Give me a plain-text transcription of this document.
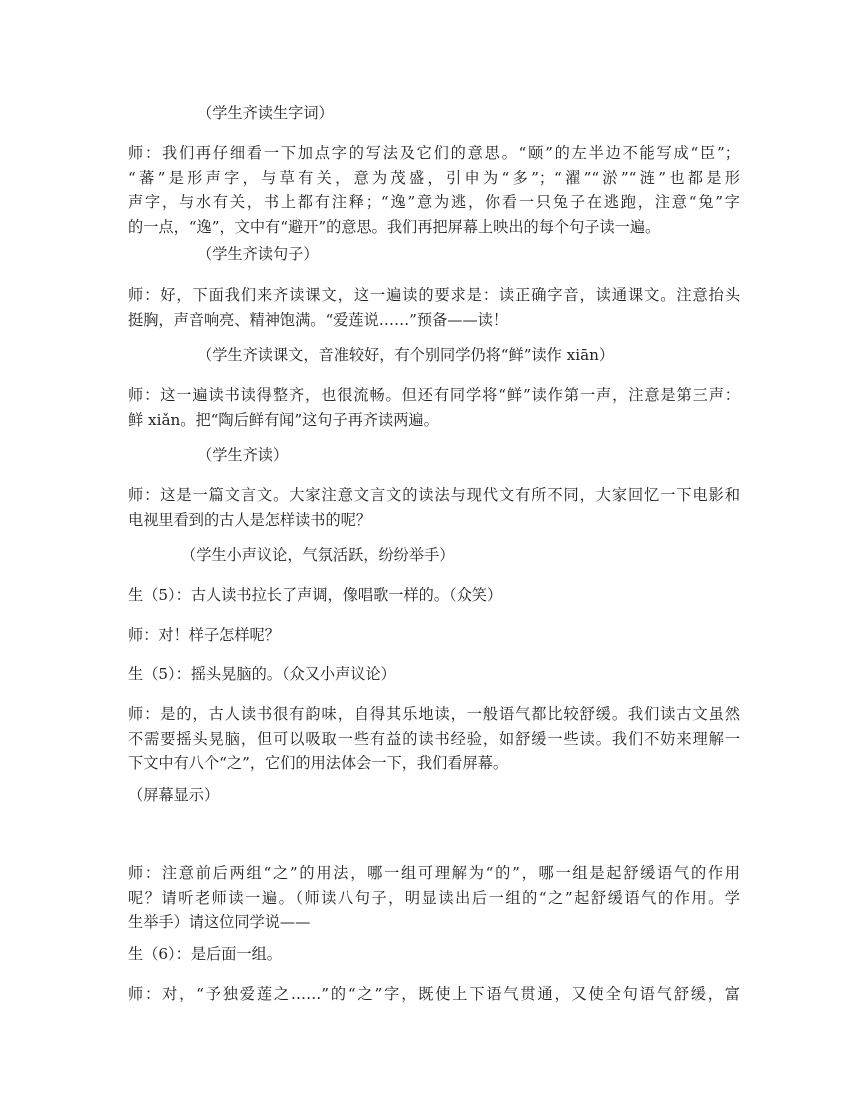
（学生齐读生字词）
师：我们再仔细看一下加点字的写法及它们的意思。“颐”的左半边不能写成“臣”；
“蕃”是形声字，与草有关，意为茂盛，引申为“多”；“濯”“淤”“涟”也都是形
声字，与水有关，书上都有注释；“逸”意为逃，你看一只兔子在逃跑，注意“兔”字
的一点，“逸”，文中有“避开”的意思。我们再把屏幕上映出的每个句子读一遍。
（学生齐读句子）
师：好，下面我们来齐读课文，这一遍读的要求是：读正确字音，读通课文。注意抬头
挺胸，声音响亮、精神饱满。“爱莲说……”预备——读！
（学生齐读课文，音准较好，有个别同学仍将“鲜”读作 xiān）
师：这一遍读书读得整齐，也很流畅。但还有同学将“鲜”读作第一声，注意是第三声：
鲜 xiǎn。把“陶后鲜有闻”这句子再齐读两遍。
（学生齐读）
师：这是一篇文言文。大家注意文言文的读法与现代文有所不同，大家回忆一下电影和
电视里看到的古人是怎样读书的呢？
（学生小声议论，气氛活跃，纷纷举手）
生（5）：古人读书拉长了声调，像唱歌一样的。（众笑）
师：对！样子怎样呢？
生（5）：摇头晃脑的。（众又小声议论）
师：是的，古人读书很有韵味，自得其乐地读，一般语气都比较舒缓。我们读古文虽然
不需要摇头晃脑，但可以吸取一些有益的读书经验，如舒缓一些读。我们不妨来理解一
下文中有八个“之”，它们的用法体会一下，我们看屏幕。
（屏幕显示）
师：注意前后两组“之”的用法，哪一组可理解为“的”，哪一组是起舒缓语气的作用
呢？请听老师读一遍。（师读八句子，明显读出后一组的“之”起舒缓语气的作用。学
生举手）请这位同学说——
生（6）：是后面一组。
师：对，“予独爱莲之……”的“之”字，既使上下语气贯通，又使全句语气舒缓，富
